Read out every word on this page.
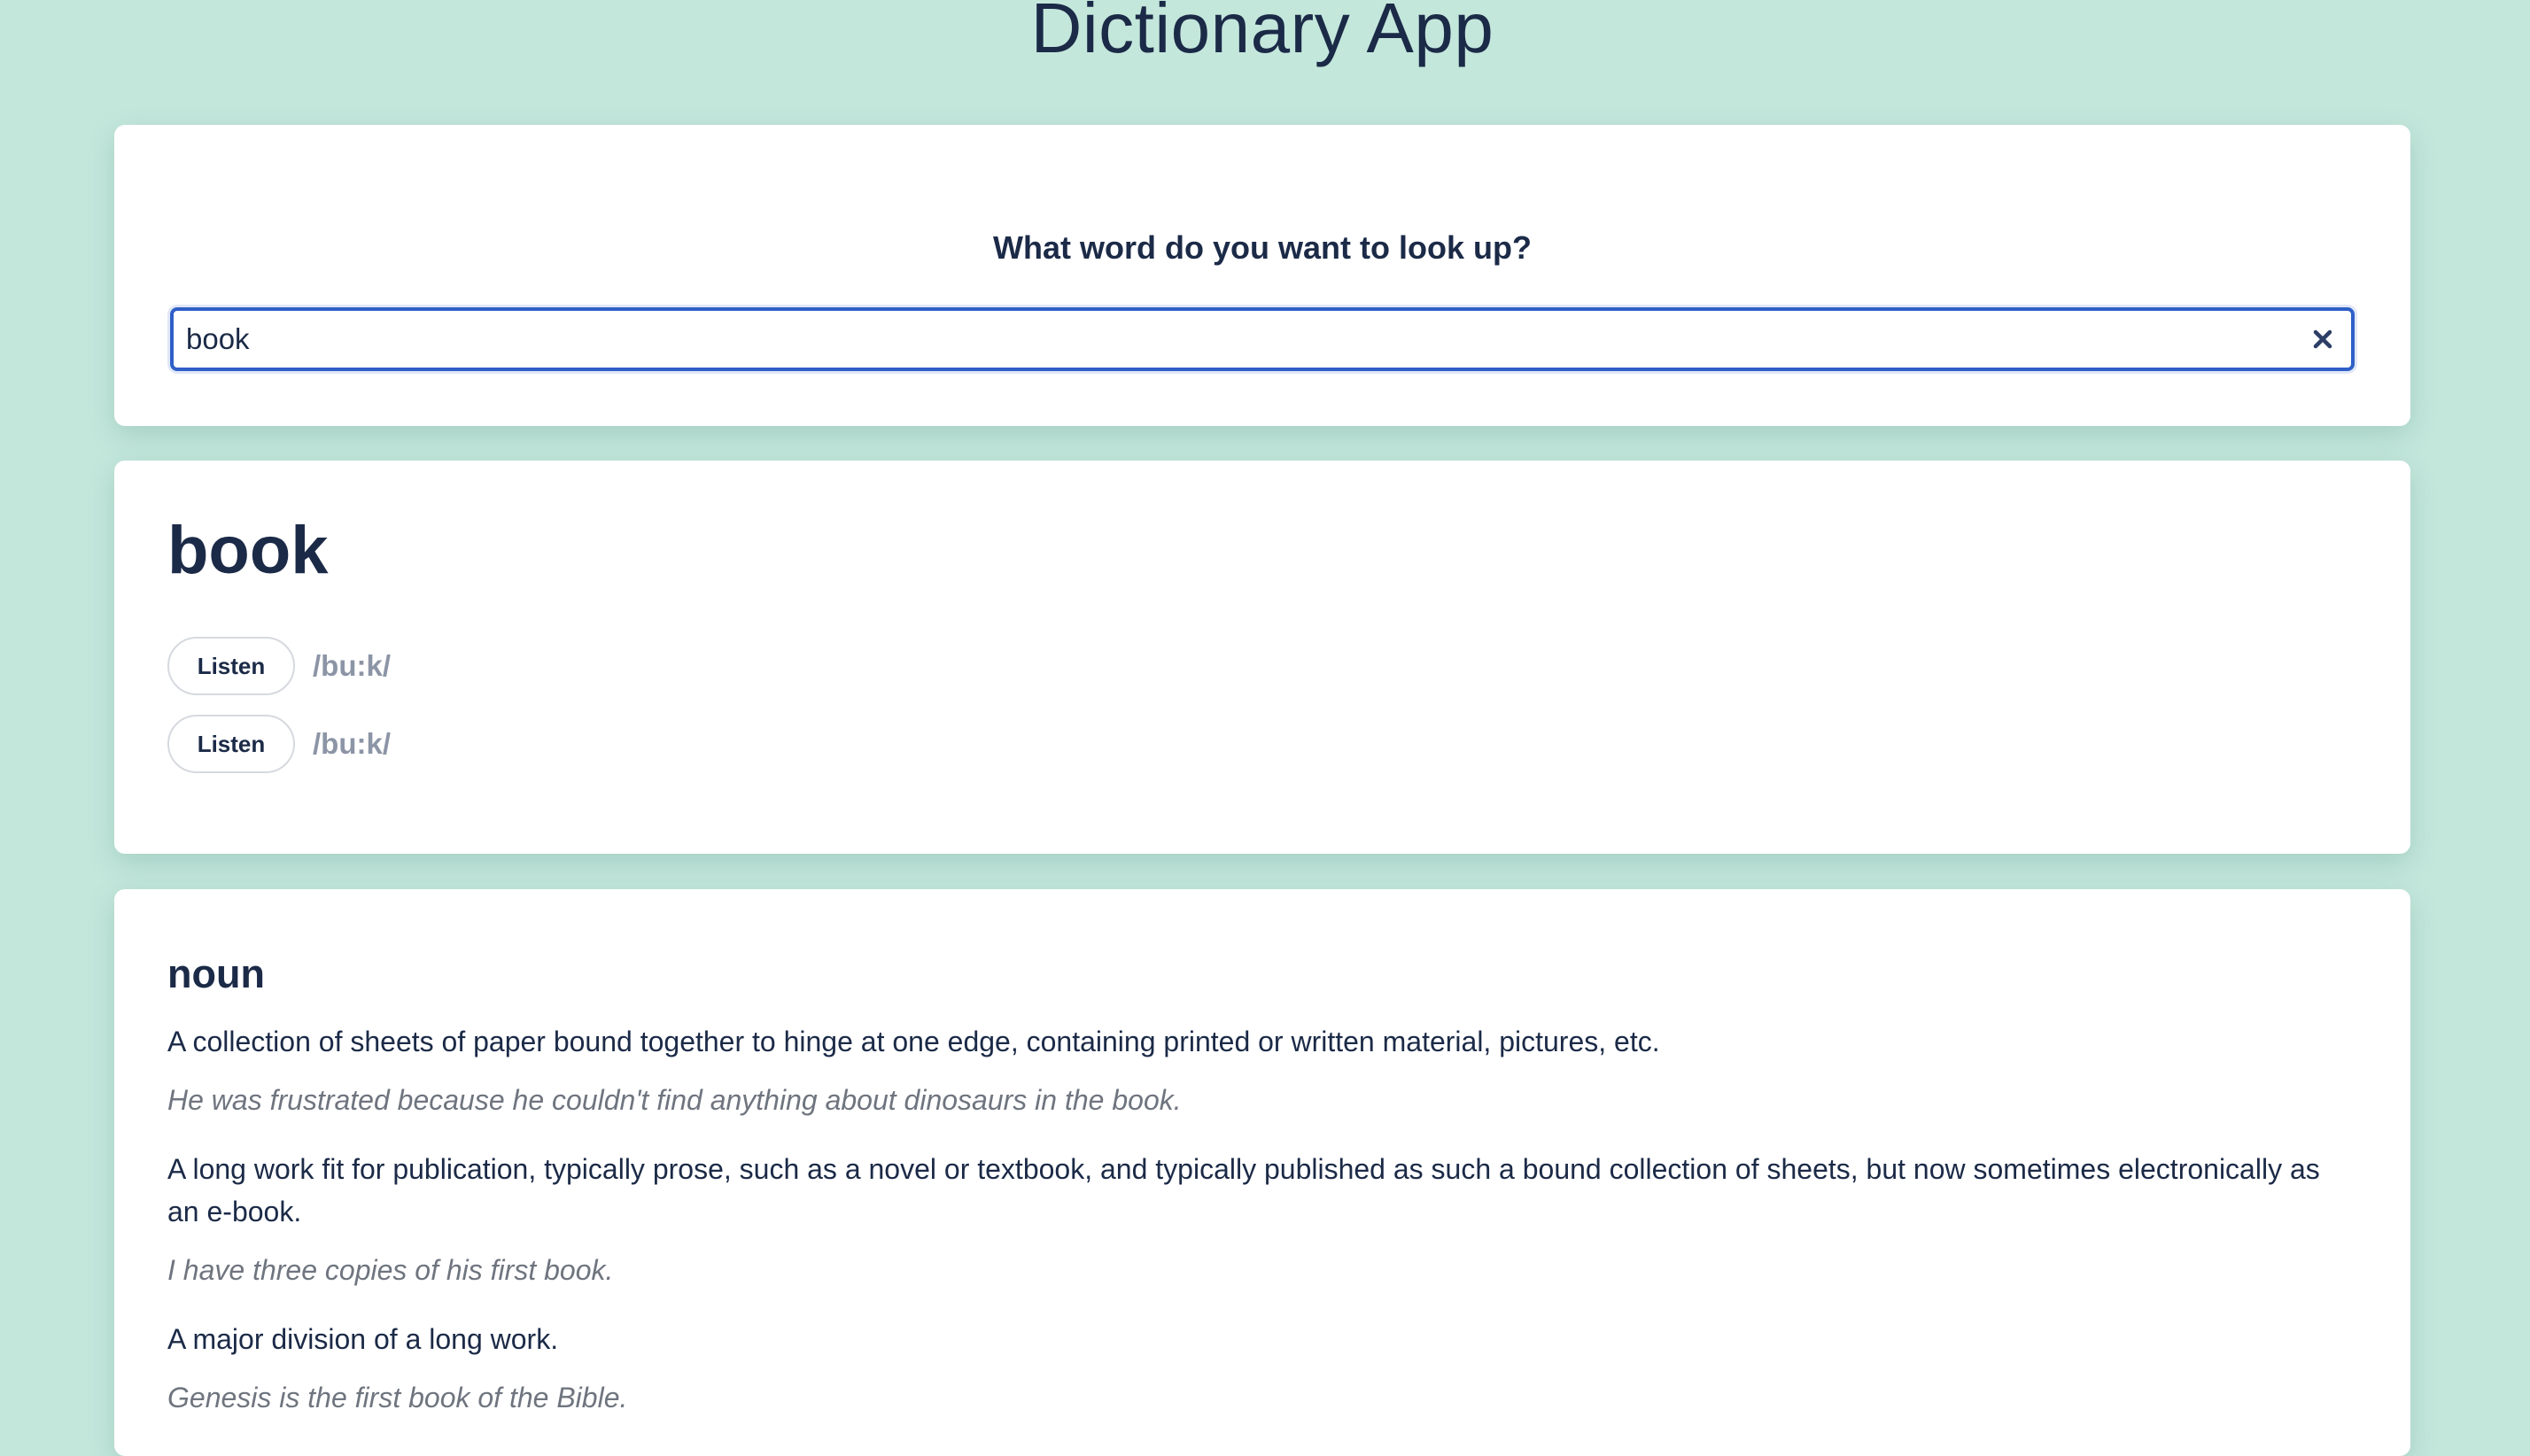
Dictionary App

What word do you want to look up?

book
book
Listen	/bu:k/
Listen	/bu:k/
noun

A collection of sheets of paper bound together to hinge at one edge, containing printed or written material, pictures, etc.

He was frustrated because he couldn't find anything about dinosaurs in the book.

A long work fit for publication, typically prose, such as a novel or textbook, and typically published as such a bound collection of sheets, but now sometimes electronically as an e-book.

I have three copies of his first book.

A major division of a long work.

Genesis is the first book of the Bible.
